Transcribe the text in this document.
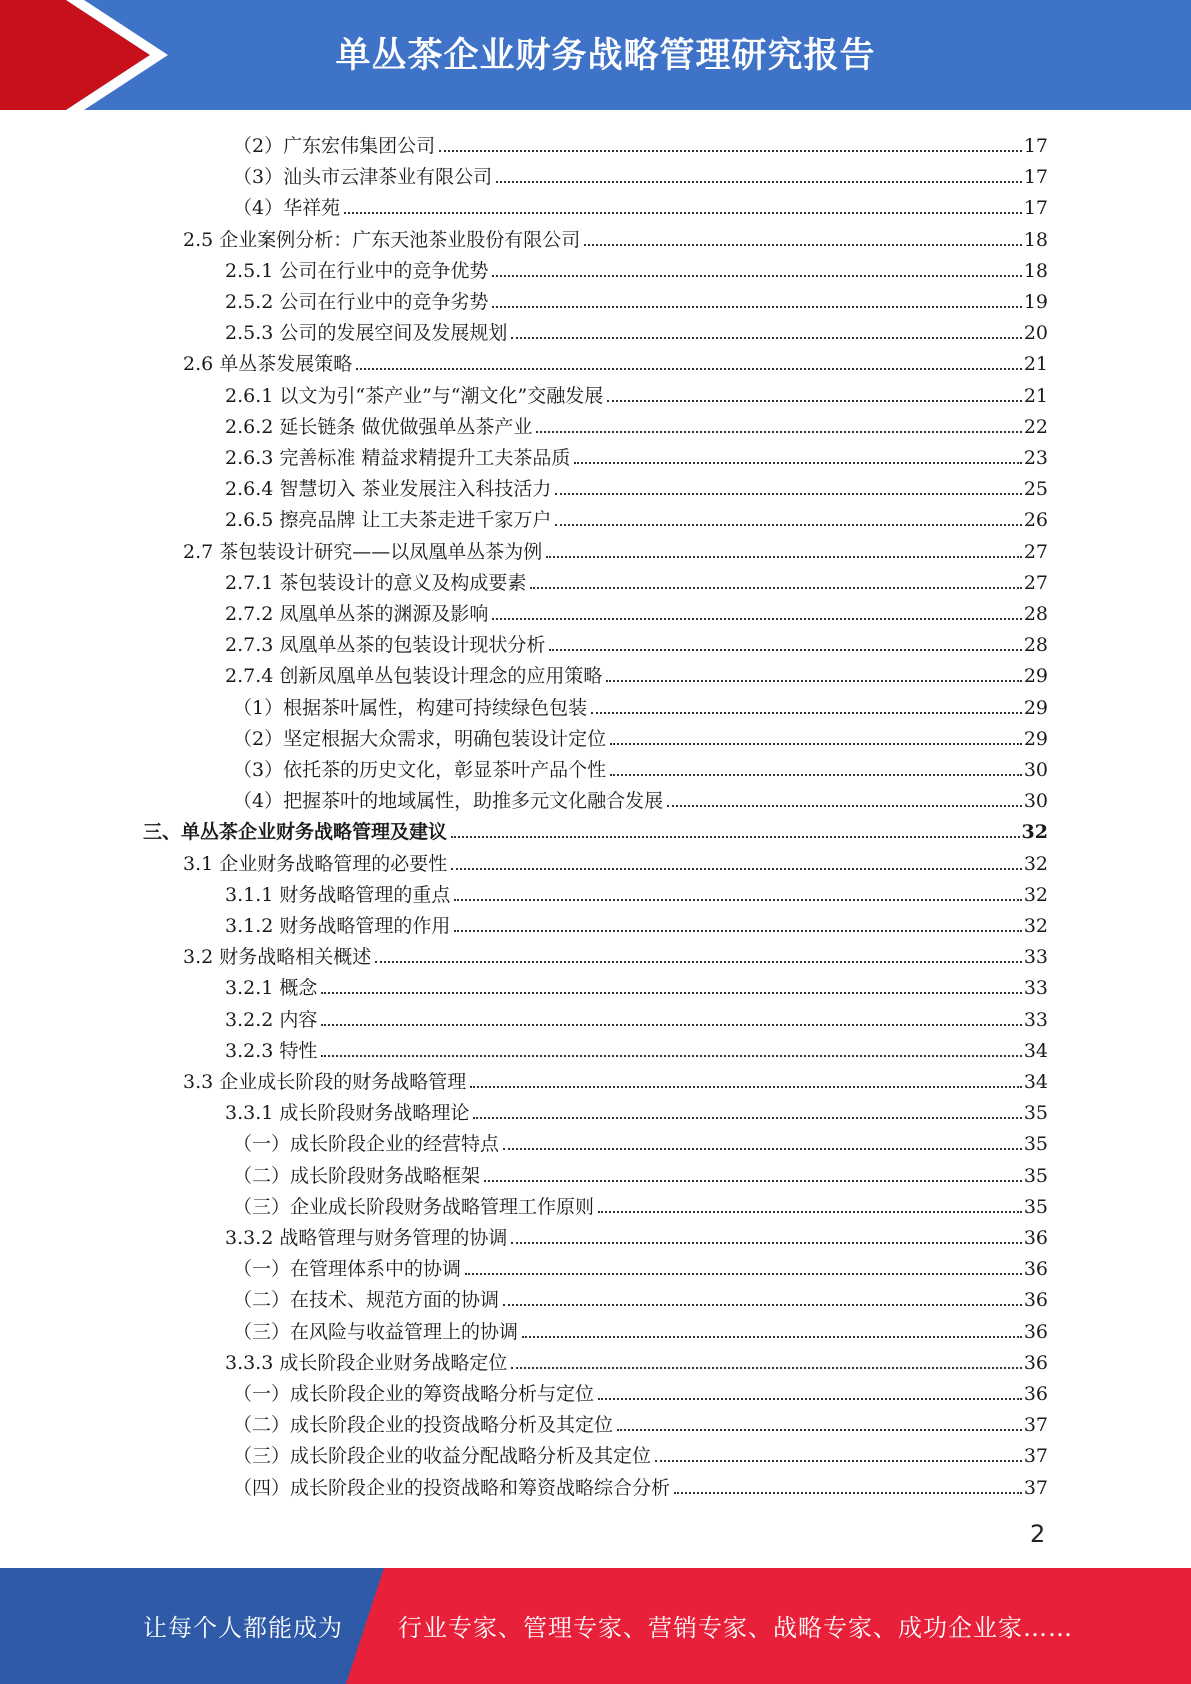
单丛茶企业财务战略管理研究报告
（2）广东宏伟集团公司	17
（3）汕头市云津茶业有限公司	17
（4）华祥苑	17
2.5 企业案例分析：广东天池茶业股份有限公司	18
2.5.1 公司在行业中的竞争优势	18
2.5.2 公司在行业中的竞争劣势	19
2.5.3 公司的发展空间及发展规划	20
2.6 单丛茶发展策略	21
2.6.1 以文为引“茶产业”与“潮文化”交融发展	21
2.6.2 延长链条 做优做强单丛茶产业	22
2.6.3 完善标准 精益求精提升工夫茶品质	23
2.6.4 智慧切入 茶业发展注入科技活力	25
2.6.5 擦亮品牌 让工夫茶走进千家万户	26
2.7 茶包装设计研究——以凤凰单丛茶为例	27
2.7.1 茶包装设计的意义及构成要素	27
2.7.2 凤凰单丛茶的渊源及影响	28
2.7.3 凤凰单丛茶的包装设计现状分析	28
2.7.4 创新凤凰单丛包装设计理念的应用策略	29
（1）根据茶叶属性，构建可持续绿色包装	29
（2）坚定根据大众需求，明确包装设计定位	29
（3）依托茶的历史文化，彰显茶叶产品个性	30
（4）把握茶叶的地域属性，助推多元文化融合发展	30
三、单丛茶企业财务战略管理及建议	32
3.1 企业财务战略管理的必要性	32
3.1.1 财务战略管理的重点	32
3.1.2 财务战略管理的作用	32
3.2 财务战略相关概述	33
3.2.1 概念	33
3.2.2 内容	33
3.2.3 特性	34
3.3 企业成长阶段的财务战略管理	34
3.3.1 成长阶段财务战略理论	35
（一）成长阶段企业的经营特点	35
（二）成长阶段财务战略框架	35
（三）企业成长阶段财务战略管理工作原则	35
3.3.2 战略管理与财务管理的协调	36
（一）在管理体系中的协调	36
（二）在技术、规范方面的协调	36
（三）在风险与收益管理上的协调	36
3.3.3 成长阶段企业财务战略定位	36
（一）成长阶段企业的筹资战略分析与定位	36
（二）成长阶段企业的投资战略分析及其定位	37
（三）成长阶段企业的收益分配战略分析及其定位	37
（四）成长阶段企业的投资战略和筹资战略综合分析	37
2
让每个人都能成为 行业专家、管理专家、营销专家、战略专家、成功企业家……
